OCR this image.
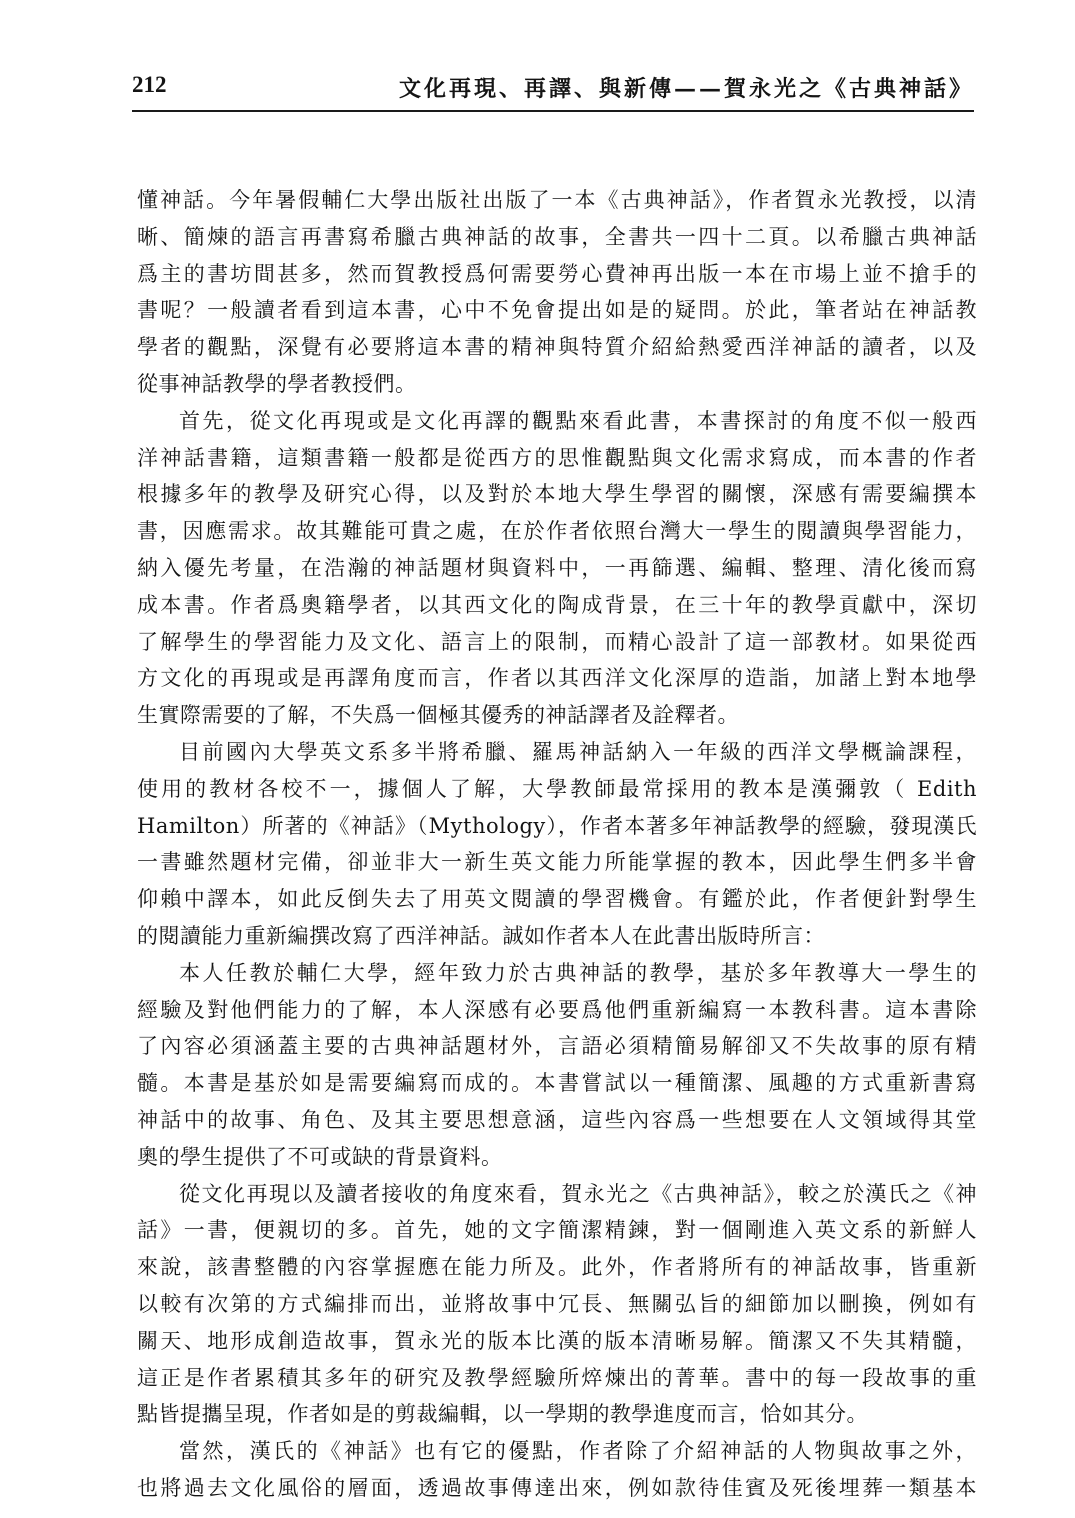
212	文化再現、再譯、與新傳——賀永光之《古典神話》
懂神話。今年暑假輔仁大學出版社出版了一本《古典神話》，作者賀永光教授，以清
晰、簡煉的語言再書寫希臘古典神話的故事，全書共一四十二頁。以希臘古典神話
爲主的書坊間甚多，然而賀教授爲何需要勞心費神再出版一本在市場上並不搶手的
書呢？一般讀者看到這本書，心中不免會提出如是的疑問。於此，筆者站在神話教
學者的觀點，深覺有必要將這本書的精神與特質介紹給熱愛西洋神話的讀者，以及
從事神話教學的學者教授們。
首先，從文化再現或是文化再譯的觀點來看此書，本書探討的角度不似一般西
洋神話書籍，這類書籍一般都是從西方的思惟觀點與文化需求寫成，而本書的作者
根據多年的教學及研究心得，以及對於本地大學生學習的關懷，深感有需要編撰本
書，因應需求。故其難能可貴之處，在於作者依照台灣大一學生的閱讀與學習能力，
納入優先考量，在浩瀚的神話題材與資料中，一再篩選、編輯、整理、清化後而寫
成本書。作者爲奧籍學者，以其西文化的陶成背景，在三十年的教學貢獻中，深切
了解學生的學習能力及文化、語言上的限制，而精心設計了這一部教材。如果從西
方文化的再現或是再譯角度而言，作者以其西洋文化深厚的造詣，加諸上對本地學
生實際需要的了解，不失爲一個極其優秀的神話譯者及詮釋者。
目前國內大學英文系多半將希臘、羅馬神話納入一年級的西洋文學概論課程，
使用的教材各校不一，據個人了解，大學教師最常採用的教本是漢彌敦（ Edith
Hamilton）所著的《神話》（Mythology），作者本著多年神話教學的經驗，發現漢氏
一書雖然題材完備，卻並非大一新生英文能力所能掌握的教本，因此學生們多半會
仰賴中譯本，如此反倒失去了用英文閱讀的學習機會。有鑑於此，作者便針對學生
的閱讀能力重新編撰改寫了西洋神話。誠如作者本人在此書出版時所言：
本人任教於輔仁大學，經年致力於古典神話的教學，基於多年教導大一學生的
經驗及對他們能力的了解，本人深感有必要爲他們重新編寫一本教科書。這本書除
了內容必須涵蓋主要的古典神話題材外，言語必須精簡易解卻又不失故事的原有精
髓。本書是基於如是需要編寫而成的。本書嘗試以一種簡潔、風趣的方式重新書寫
神話中的故事、角色、及其主要思想意涵，這些內容爲一些想要在人文領域得其堂
奧的學生提供了不可或缺的背景資料。
從文化再現以及讀者接收的角度來看，賀永光之《古典神話》，較之於漢氏之《神
話》一書，便親切的多。首先，她的文字簡潔精鍊，對一個剛進入英文系的新鮮人
來說，該書整體的內容掌握應在能力所及。此外，作者將所有的神話故事，皆重新
以較有次第的方式編排而出，並將故事中冗長、無關弘旨的細節加以刪換，例如有
關天、地形成創造故事，賀永光的版本比漢的版本清晰易解。簡潔又不失其精髓，
這正是作者累積其多年的研究及教學經驗所焠煉出的菁華。書中的每一段故事的重
點皆提攜呈現，作者如是的剪裁編輯，以一學期的教學進度而言，恰如其分。
當然，漢氏的《神話》也有它的優點，作者除了介紹神話的人物與故事之外，
也將過去文化風俗的層面，透過故事傳達出來，例如款待佳賓及死後埋葬一類基本
